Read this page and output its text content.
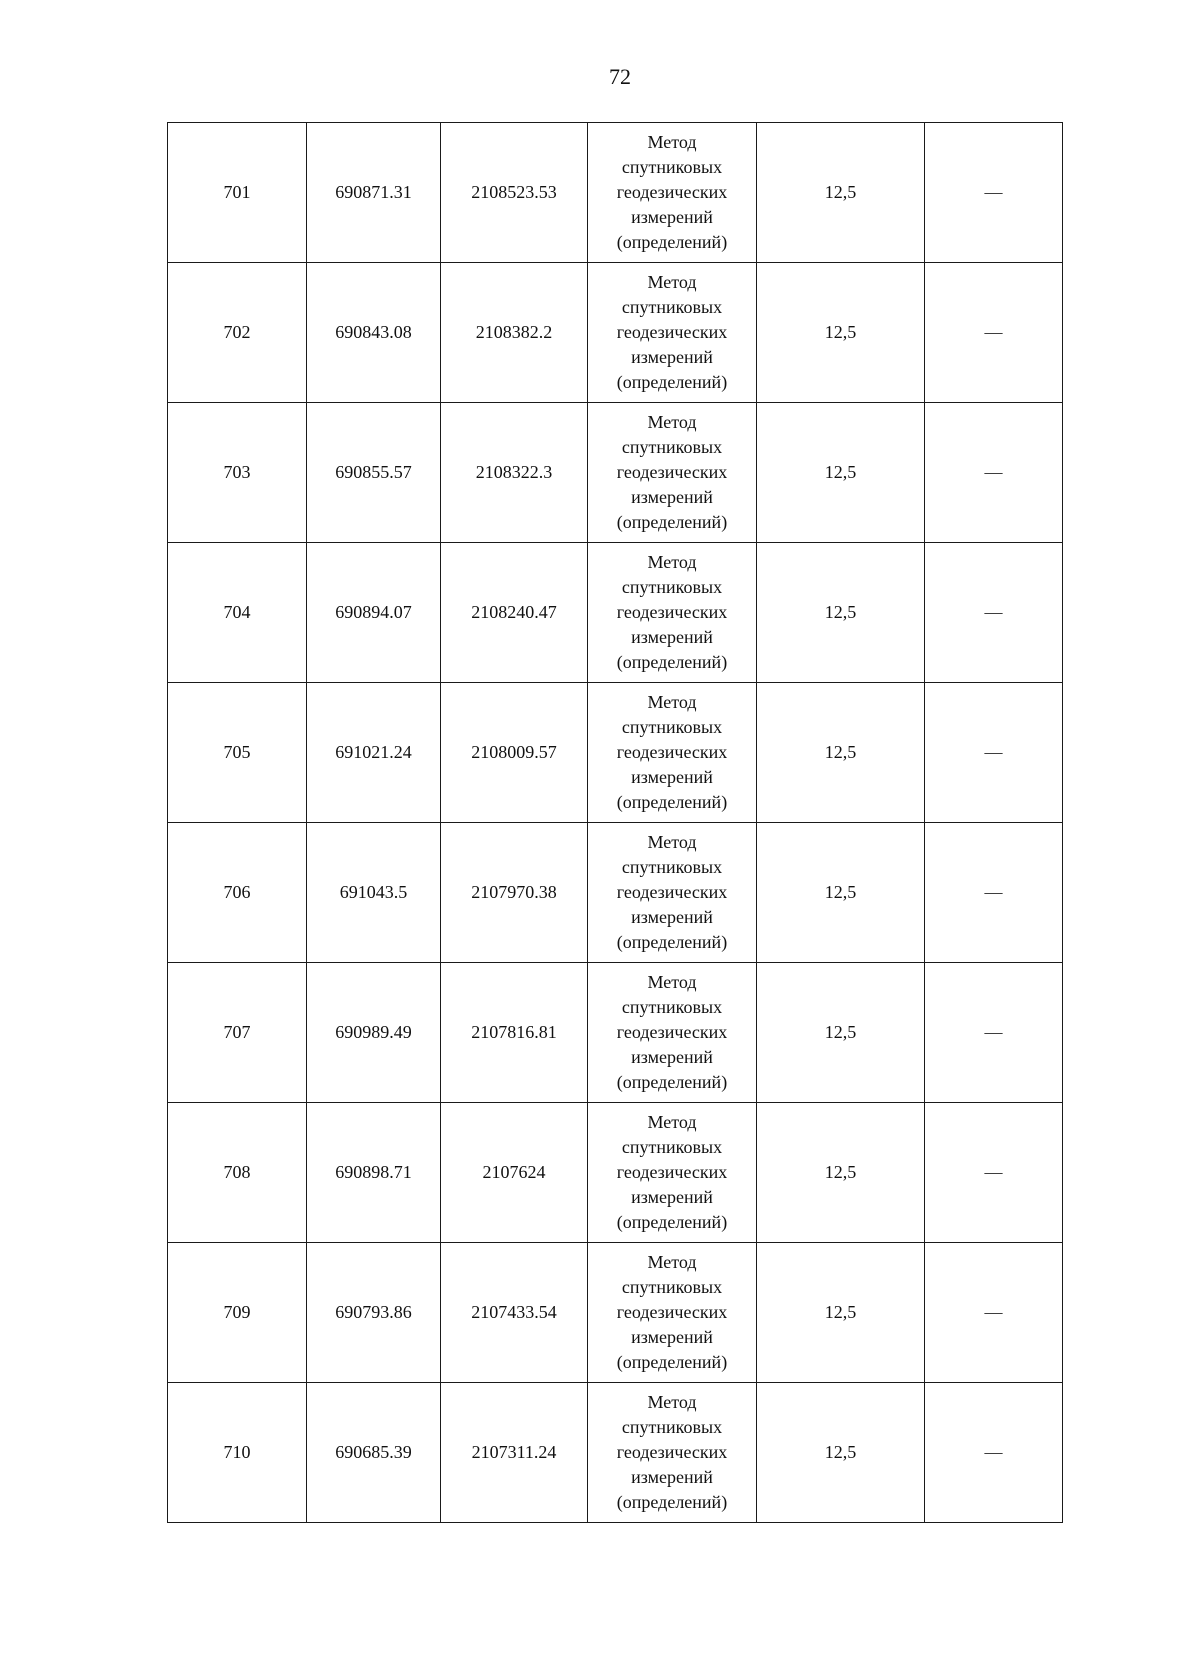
72
701	690871.31	2108523.53	Метод
спутниковых
геодезических
измерений
(определений)	12,5	—
702	690843.08	2108382.2	Метод
спутниковых
геодезических
измерений
(определений)	12,5	—
703	690855.57	2108322.3	Метод
спутниковых
геодезических
измерений
(определений)	12,5	—
704	690894.07	2108240.47	Метод
спутниковых
геодезических
измерений
(определений)	12,5	—
705	691021.24	2108009.57	Метод
спутниковых
геодезических
измерений
(определений)	12,5	—
706	691043.5	2107970.38	Метод
спутниковых
геодезических
измерений
(определений)	12,5	—
707	690989.49	2107816.81	Метод
спутниковых
геодезических
измерений
(определений)	12,5	—
708	690898.71	2107624	Метод
спутниковых
геодезических
измерений
(определений)	12,5	—
709	690793.86	2107433.54	Метод
спутниковых
геодезических
измерений
(определений)	12,5	—
710	690685.39	2107311.24	Метод
спутниковых
геодезических
измерений
(определений)	12,5	—
